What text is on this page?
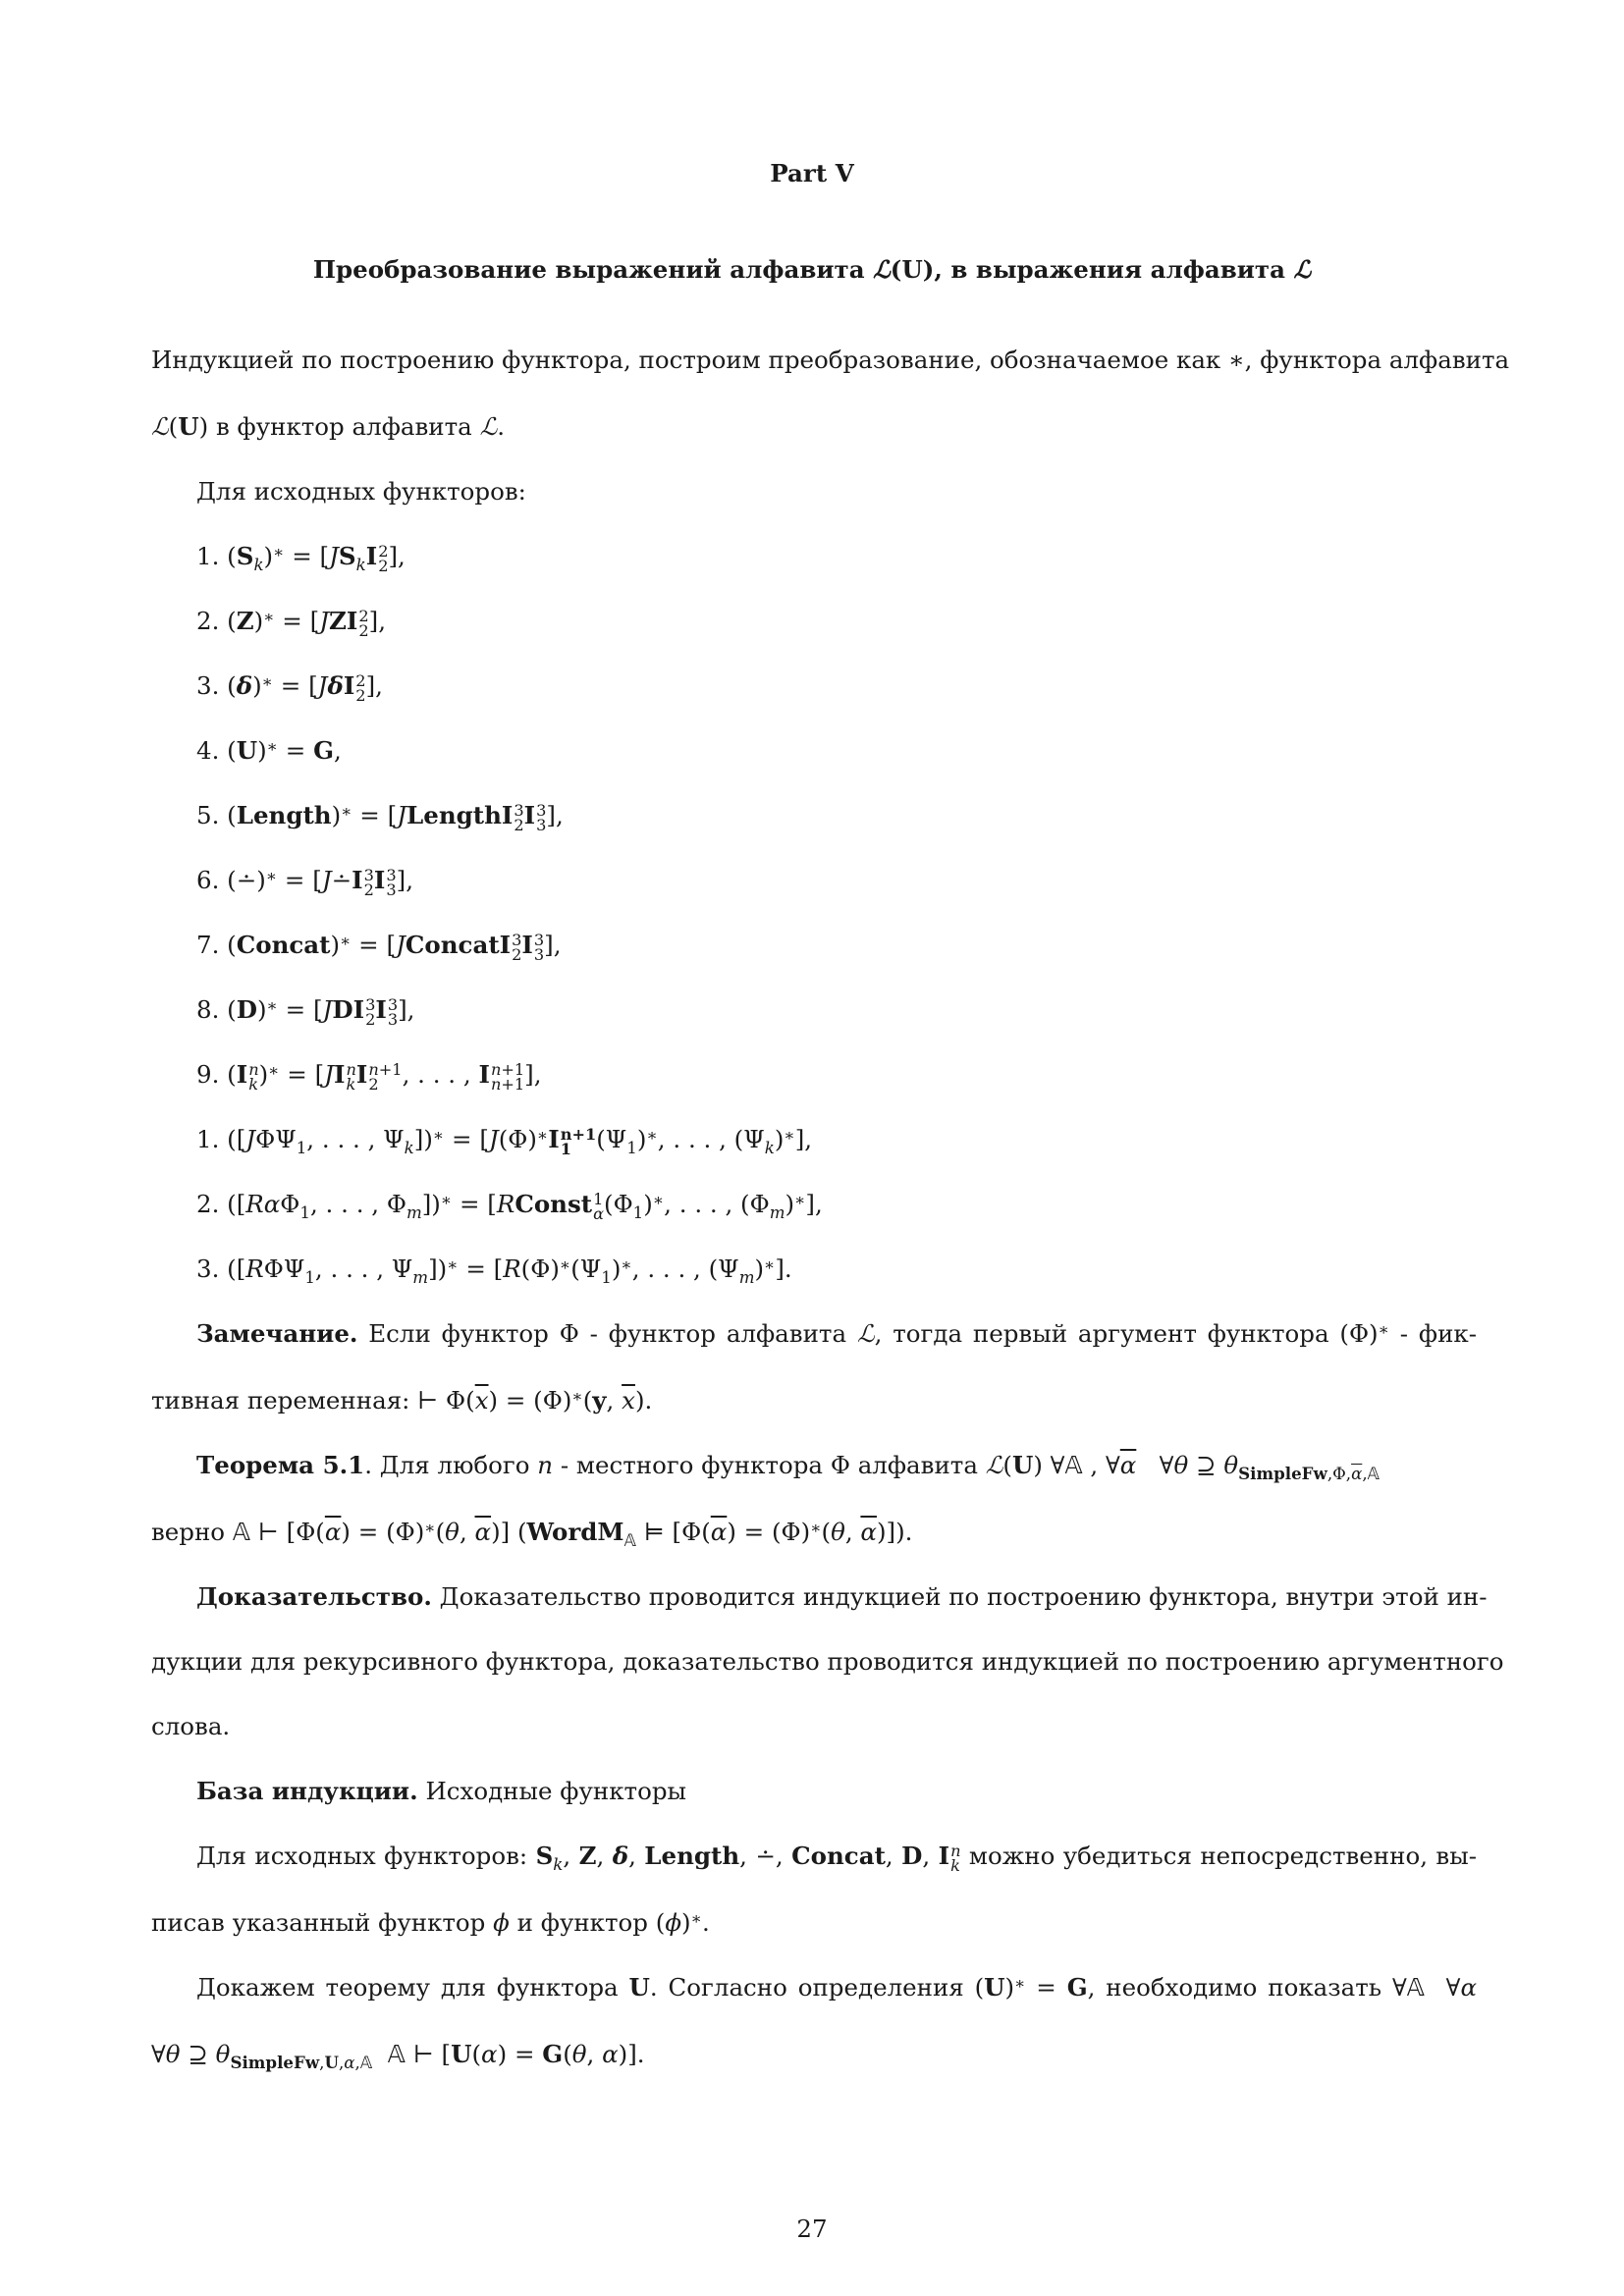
Part V
Преобразование выражений алфавита ℒ(U), в выражения алфавита ℒ
Индукцией по построению функтора, построим преобразование, обозначаемое как ∗, функтора алфавита
ℒ(U) в функтор алфавита ℒ.
Для исходных функторов:
1. $(S_k)^∗ = [JS_kI$ 2
2 ],
2. (Z)∗ = [JZI 2
2 ],
3. (δ)∗ = [JδI 2
2 ],
4. (U)∗ = G,
5. (Length)∗ = [JLengthI 3
2 I 3
3 ],
6. (∸)∗ = [J∸I 3
2 I 3
3 ],
7. (Concat)∗ = [JConcatI 3
2 I 3
3 ],
8. (D)∗ = [JDI 3
2 I 3
3 ],
9. (I n
k )∗ = [JI n
k I n+1
2 , . . . , I n+1
n+1 ],
1. ([$J\Phi\Psi_1$, . . . , $\Psi_k])^∗ = [J(\Phi)^∗I$ n+1
1	$(\Psi_1)^∗$, . . . , $(\Psi_k)^∗$],
2. ([RαΦ$_1$, . . . , $\Phi_m])^∗$ = [RConst 1
α $(\Phi_1)^∗$, . . . , $(\Phi_m)^∗$],
3. ([$R\Phi\Psi_1$, . . . , $\Psi_m])^∗ = [R(\Phi)^∗(\Psi_1)^∗$, . . . , $(\Psi_m)^∗$].
Замечание. Если функтор Φ - функтор алфавита ℒ, тогда первый аргумент функтора (Φ)∗ - фик-
тивная переменная: ⊢ $\Phi(\overline{x}) = (\Phi)^∗(y$, $\overline{x}$).
Теорема 5.1. Для любого n - местного функтора Φ алфавита ℒ(U) ∀𝔸 , $\forall\overline{\alpha}$   ∀θ ⊇ $\theta_{SimpleFw,\Phi,\overline{\alpha},𝔸}$
верно 𝔸 ⊢ [$\Phi(\overline{\alpha}) = (\Phi)^∗(\theta$, $\overline{\alpha}$)] (WordM$_𝔸$ ⊨ [$\Phi(\overline{\alpha}) = (\Phi)^∗(\theta$, $\overline{\alpha}$)]).
Доказательство. Доказательство проводится индукцией по построению функтора, внутри этой ин-
дукции для рекурсивного функтора, доказательство проводится индукцией по построению аргументного
слова.
База индукции. Исходные функторы
Для исходных функторов: $S_k$, Z, δ, Length, ∸, Concat, D, I n
k можно убедиться непосредственно, вы-
писав указанный функтор ϕ и функтор (ϕ)∗.
Докажем теорему для функтора U. Согласно определения (U)∗ = G, необходимо показать ∀𝔸  ∀α
∀θ ⊇ $\theta_{SimpleFw,U,\alpha,𝔸}$ 𝔸 ⊢ [U(α) = G(θ, α)].
27
